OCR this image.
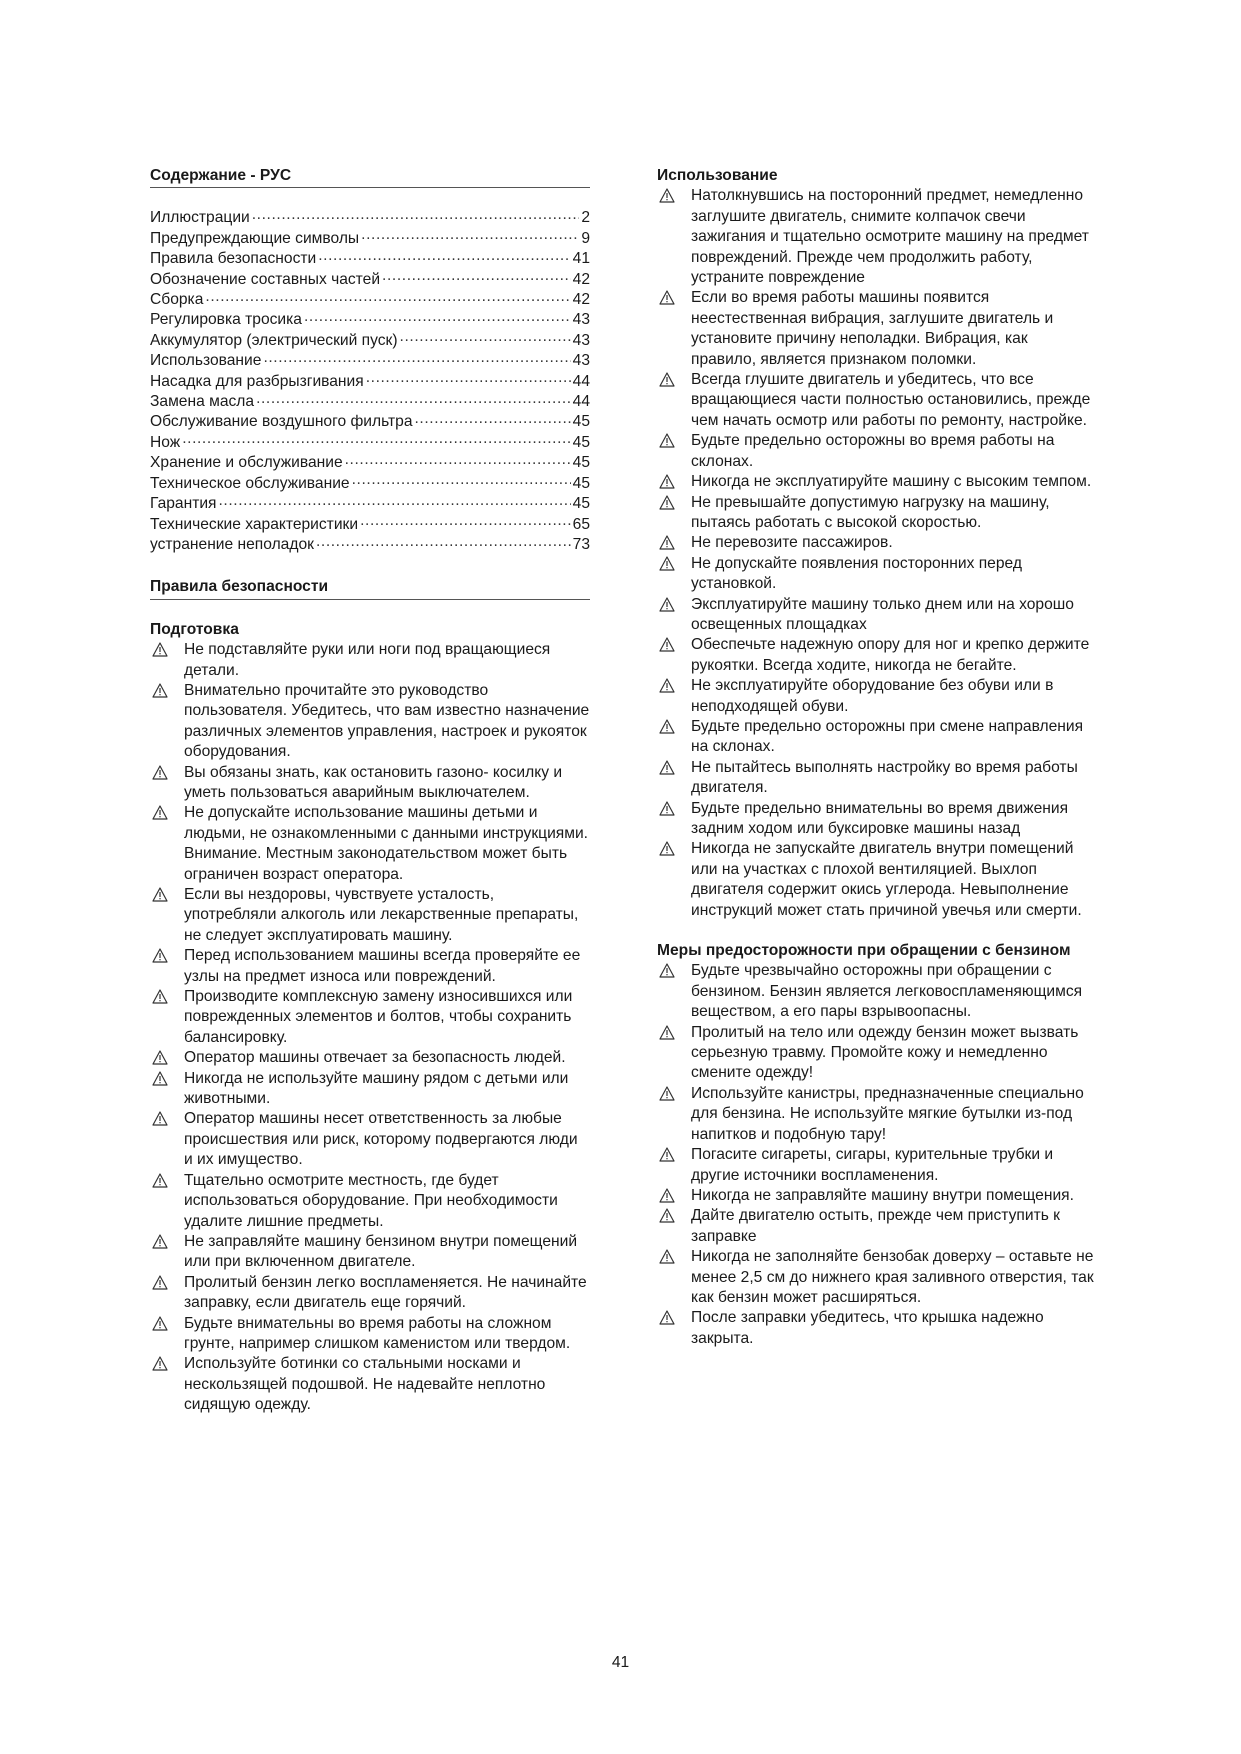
Содержание - РУС
Иллюстрации .....	2
Предупреждающие символы .....	9
Правила безопасности .....	41
Обозначение составных частей .....	42
Сборка .....	42
Регулировка тросика .....	43
Аккумулятор (электрический пуск) .....	43
Использование .....	43
Насадка для разбрызгивания .....	44
Замена масла .....	44
Обслуживание воздушного фильтра .....	45
Нож .....	45
Хранение и обслуживание .....	45
Техническое обслуживание .....	45
Гарантия .....	45
Технические характеристики .....	65
устранение неполадок .....	73
Правила безопасности
Подготовка
Не подставляйте руки или ноги под вращающиеся детали.
Внимательно прочитайте это руководство пользователя. Убедитесь, что вам известно назначение различных элементов управления, настроек и рукояток оборудования.
Вы обязаны знать, как остановить газоно- косилку и уметь пользоваться аварийным выключателем.
Не допускайте использование машины детьми и людьми, не ознакомленными с данными инструкциями. Внимание. Местным законодательством может быть ограничен возраст оператора.
Если вы нездоровы, чувствуете усталость, употребляли алкоголь или лекарственные препараты, не следует эксплуатировать машину.
Перед использованием машины всегда проверяйте ее узлы на предмет износа или повреждений.
Производите комплексную замену износившихся или поврежденных элементов и болтов, чтобы сохранить балансировку.
Оператор машины отвечает за безопасность людей.
Никогда не используйте машину рядом с детьми или животными.
Оператор машины несет ответственность за любые происшествия или риск, которому подвергаются люди и их имущество.
Тщательно осмотрите местность, где будет использоваться оборудование. При необходимости удалите лишние предметы.
Не заправляйте машину бензином внутри помещений или при включенном двигателе.
Пролитый бензин легко воспламеняется. Не начинайте заправку, если двигатель еще горячий.
Будьте внимательны во время работы на сложном грунте, например слишком каменистом или твердом.
Используйте ботинки со стальными носками и нескользящей подошвой. Не надевайте неплотно сидящую одежду.
Использование
Натолкнувшись на посторонний предмет, немедленно заглушите двигатель, снимите колпачок свечи зажигания и тщательно осмотрите машину на предмет повреждений. Прежде чем продолжить работу, устраните повреждение
Если во время работы машины появится неестественная вибрация, заглушите двигатель и установите причину неполадки. Вибрация, как правило, является признаком поломки.
Всегда глушите двигатель и убедитесь, что все вращающиеся части полностью остановились, прежде чем начать осмотр или работы по ремонту, настройке.
Будьте предельно осторожны во время работы на склонах.
Никогда не эксплуатируйте машину с высоким темпом.
Не превышайте допустимую нагрузку на машину, пытаясь работать с высокой скоростью.
Не перевозите пассажиров.
Не допускайте появления посторонних перед установкой.
Эксплуатируйте машину только днем или на хорошо освещенных площадках
Обеспечьте надежную опору для ног и крепко держите рукоятки. Всегда ходите, никогда не бегайте.
Не эксплуатируйте оборудование без обуви или в неподходящей обуви.
Будьте предельно осторожны при смене направления на склонах.
Не пытайтесь выполнять настройку во время работы двигателя.
Будьте предельно внимательны во время движения задним ходом или буксировке машины назад
Никогда не запускайте двигатель внутри помещений или на участках с плохой вентиляцией. Выхлоп двигателя содержит окись углерода. Невыполнение инструкций может стать причиной увечья или смерти.
Меры предосторожности при обращении с бензином
Будьте чрезвычайно осторожны при обращении с бензином. Бензин является легковоспламеняющимся веществом, а его пары взрывоопасны.
Пролитый на тело или одежду бензин может вызвать серьезную травму. Промойте кожу и немедленно смените одежду!
Используйте канистры, предназначенные специально для бензина. Не используйте мягкие бутылки из-под напитков и подобную тару!
Погасите сигареты, сигары, курительные трубки и другие источники воспламенения.
Никогда не заправляйте машину внутри помещения.
Дайте двигателю остыть, прежде чем приступить к заправке
Никогда не заполняйте бензобак доверху – оставьте не менее 2,5 см до нижнего края заливного отверстия, так как бензин может расширяться.
После заправки убедитесь, что крышка надежно закрыта.
41
